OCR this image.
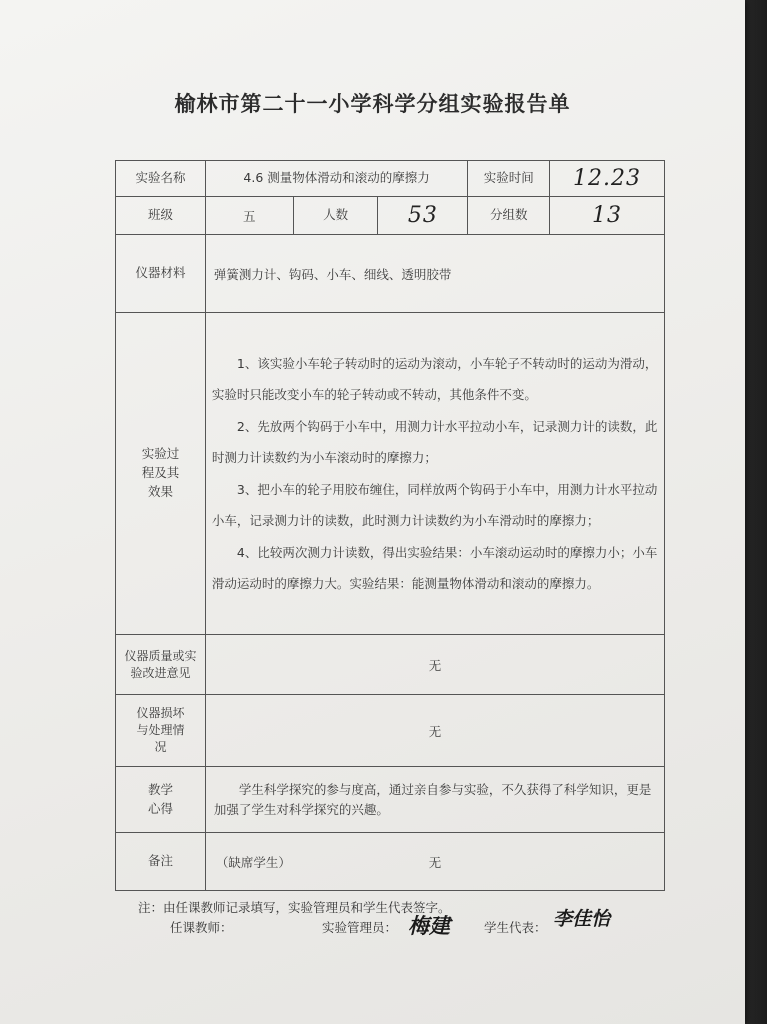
榆林市第二十一小学科学分组实验报告单
实验名称	4.6 测量物体滑动和滚动的摩擦力			实验时间	12.23
班级	五	人数	53	分组数	13
仪器材料	弹簧测力计、钩码、小车、细线、透明胶带				
实验过程及其效果	1、该实验小车轮子转动时的运动为滚动，小车轮子不转动时的运动为滑动，实验时只能改变小车的轮子转动或不转动，其他条件不变。

2、先放两个钩码于小车中，用测力计水平拉动小车，记录测力计的读数，此时测力计读数约为小车滚动时的摩擦力；

3、把小车的轮子用胶布缠住，同样放两个钩码于小车中，用测力计水平拉动小车，记录测力计的读数，此时测力计读数约为小车滑动时的摩擦力；

4、比较两次测力计读数，得出实验结果：小车滚动运动时的摩擦力小；小车滑动运动时的摩擦力大。实验结果：能测量物体滑动和滚动的摩擦力。				

仪器质量或实验改进意见	无				
仪器损坏与处理情况	无				
教学心得	学生科学探究的参与度高，通过亲自参与实验，不久获得了科学知识，更是加强了学生对科学探究的兴趣。				

备注	（缺席学生） 无				
注：由任课教师记录填写，实验管理员和学生代表签字。
任课教师：	实验管理员： 梅建	学生代表： 李佳怡
